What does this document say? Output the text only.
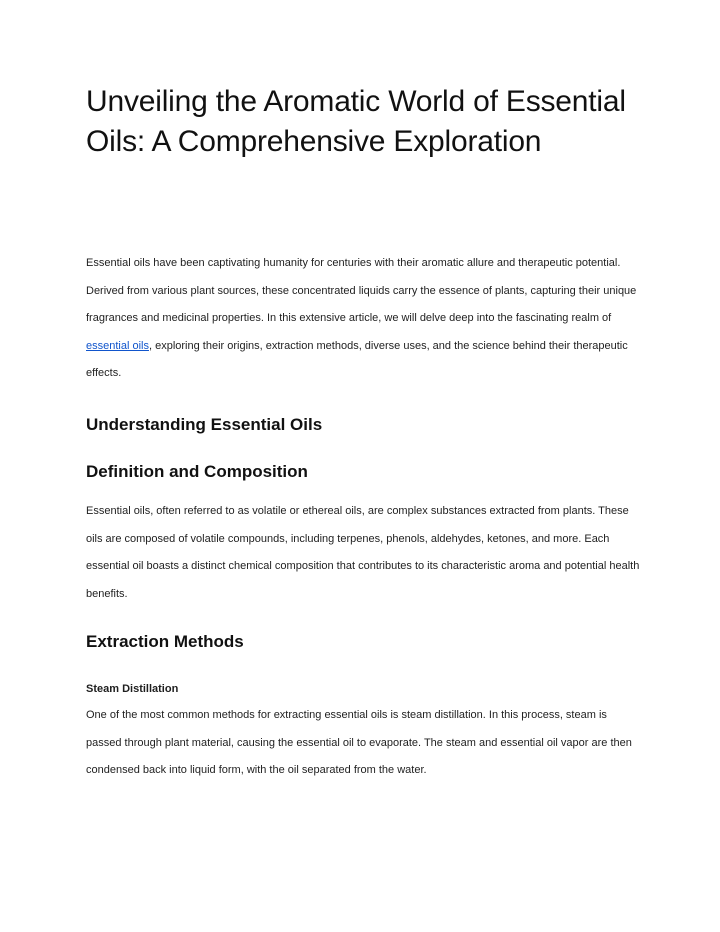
Unveiling the Aromatic World of Essential Oils: A Comprehensive Exploration

Essential oils have been captivating humanity for centuries with their aromatic allure and therapeutic potential. Derived from various plant sources, these concentrated liquids carry the essence of plants, capturing their unique fragrances and medicinal properties. In this extensive article, we will delve deep into the fascinating realm of essential oils, exploring their origins, extraction methods, diverse uses, and the science behind their therapeutic effects.

Understanding Essential Oils
Definition and Composition

Essential oils, often referred to as volatile or ethereal oils, are complex substances extracted from plants. These oils are composed of volatile compounds, including terpenes, phenols, aldehydes, ketones, and more. Each essential oil boasts a distinct chemical composition that contributes to its characteristic aroma and potential health benefits.

Extraction Methods
Steam Distillation

One of the most common methods for extracting essential oils is steam distillation. In this process, steam is passed through plant material, causing the essential oil to evaporate. The steam and essential oil vapor are then condensed back into liquid form, with the oil separated from the water.
